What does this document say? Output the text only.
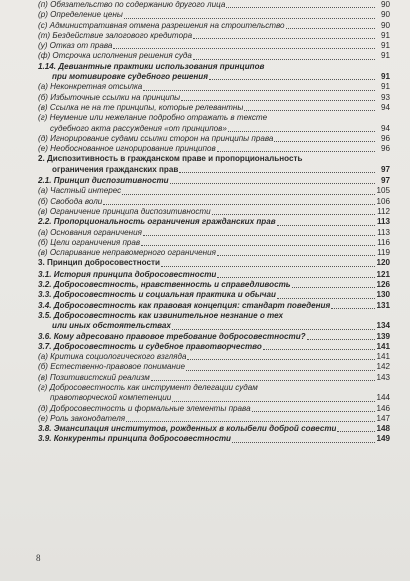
(п) Обязательство по содержанию другого лица	90
(р) Определение цены	90
(с) Административная отмена разрешения на строительство	90
(т) Бездействие залогового кредитора	91
(у) Отказ от права	91
(ф) Отсрочка исполнения решения суда	91
1.14. Девиантные практики использования принципов
при мотивировке судебного решения	91
(а) Неконкретная отсылка	91
(б) Избыточные ссылки на принципы	93
(в) Ссылка не на те принципы, которые релевантны	94
(г) Неумение или нежелание подробно отражать в тексте
судебного акта рассуждения «от принципов»	94
(д) Игнорирование судами ссылки сторон на принципы права	96
(е) Необоснованное игнорирование принципов	96
2. Диспозитивность в гражданском праве и пропорциональность
ограничения гражданских прав	97
2.1. Принцип диспозитивности	97
(а) Частный интерес	105
(б) Свобода воли	106
(в) Ограничение принципа диспозитивности	112
2.2. Пропорциональность ограничения гражданских прав	113
(а) Основания ограничения	113
(б) Цели ограничения прав	116
(в) Оспаривание неправомерного ограничения	119
3. Принцип добросовестности	120
3.1. История принципа добросовестности	121
3.2. Добросовестность, нравственность и справедливость	126
3.3. Добросовестность и социальная практика и обычаи	130
3.4. Добросовестность как правовая концепция: стандарт поведения	131
3.5. Добросовестность как извинительное незнание о тех
или иных обстоятельствах	134
3.6. Кому адресовано правовое требование добросовестности?	139
3.7. Добросовестность и судебное правотворчество	141
(а) Критика социологического взгляда	141
(б) Естественно-правовое понимание	142
(в) Позитивистский реализм	143
(г) Добросовестность как инструмент делегации судам
правотворческой компетенции	144
(д) Добросовестность и формальные элементы права	146
(е) Роль законодателя	147
3.8. Эмансипация институтов, рожденных в колыбели доброй совести	148
3.9. Конкуренты принципа добросовестности	149
8
